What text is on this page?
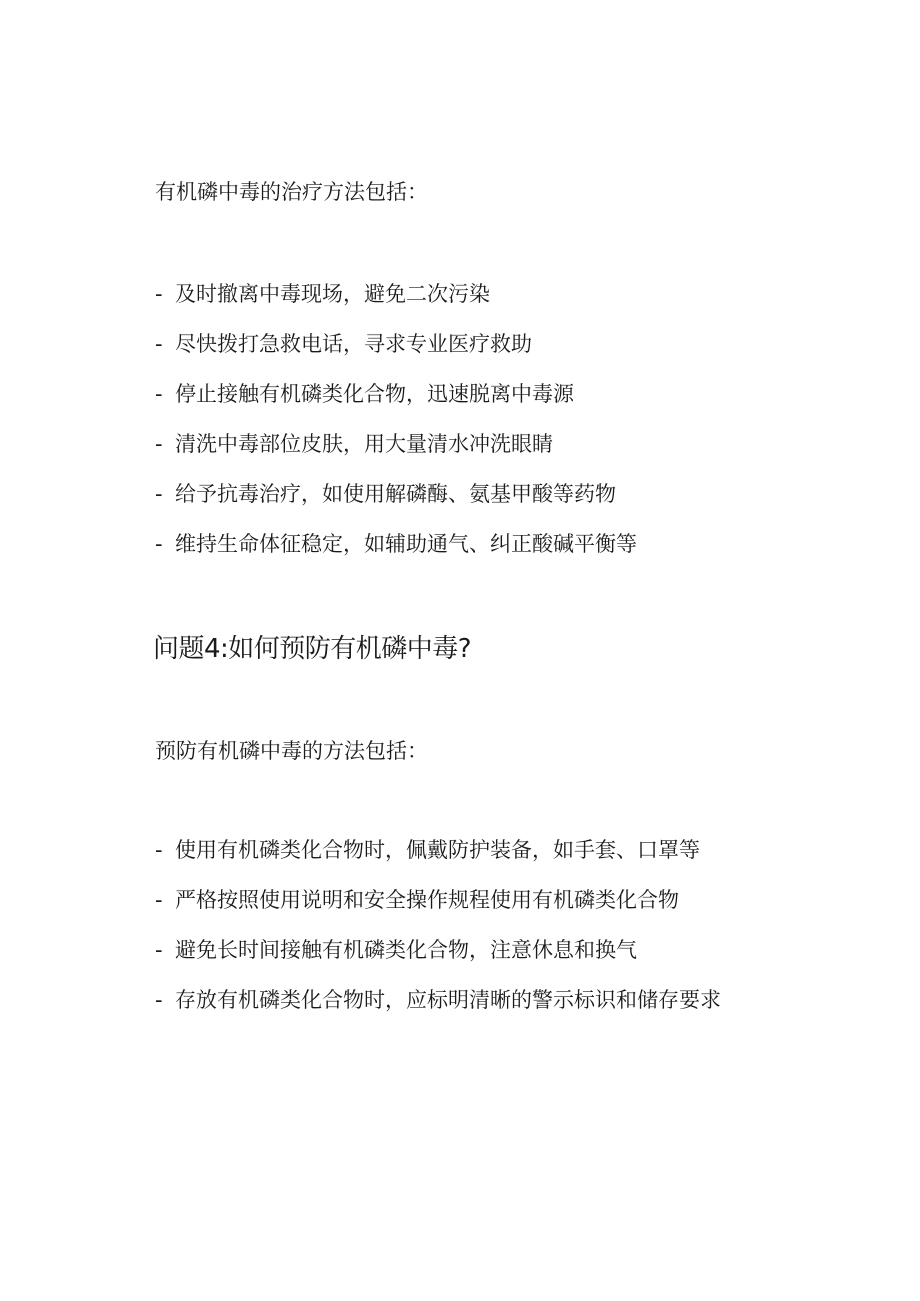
有机磷中毒的治疗方法包括：
- 及时撤离中毒现场，避免二次污染
- 尽快拨打急救电话，寻求专业医疗救助
- 停止接触有机磷类化合物，迅速脱离中毒源
- 清洗中毒部位皮肤，用大量清水冲洗眼睛
- 给予抗毒治疗，如使用解磷酶、氨基甲酸等药物
- 维持生命体征稳定，如辅助通气、纠正酸碱平衡等
问题4:如何预防有机磷中毒?
预防有机磷中毒的方法包括：
- 使用有机磷类化合物时，佩戴防护装备，如手套、口罩等
- 严格按照使用说明和安全操作规程使用有机磷类化合物
- 避免长时间接触有机磷类化合物，注意休息和换气
- 存放有机磷类化合物时，应标明清晰的警示标识和储存要求
